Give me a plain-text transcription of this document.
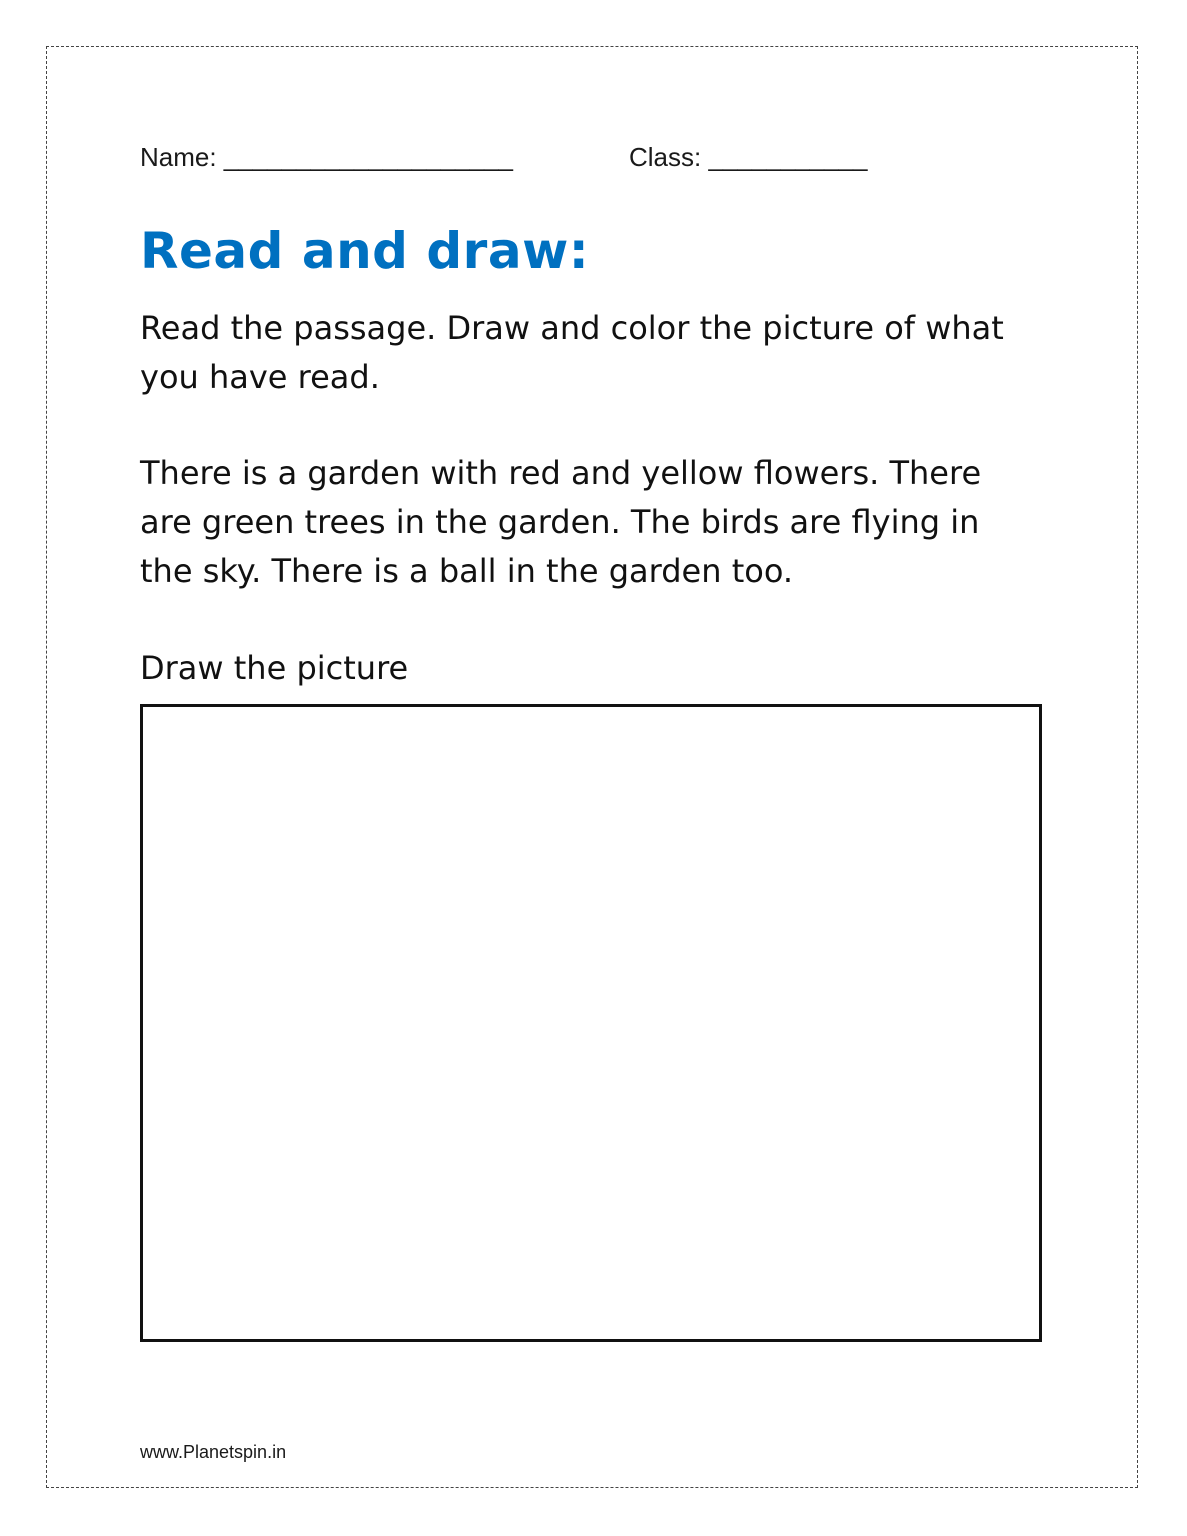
Name: ____________________	Class: ___________
Read and draw:
Read the passage. Draw and color the picture of what you have read.
There is a garden with red and yellow flowers. There are green trees in the garden. The birds are flying in the sky. There is a ball in the garden too.
Draw the picture
www.Planetspin.in
